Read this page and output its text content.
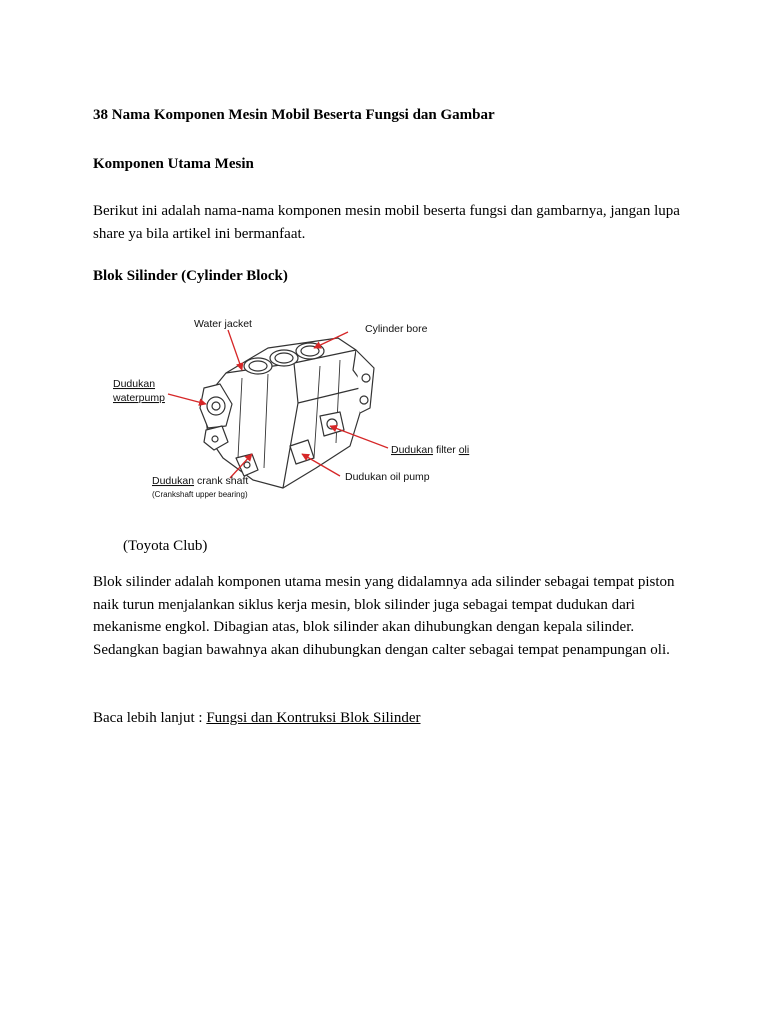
38 Nama Komponen Mesin Mobil Beserta Fungsi dan Gambar

Komponen Utama Mesin

Berikut ini adalah nama-nama komponen mesin mobil beserta fungsi dan gambarnya, jangan lupa share ya bila artikel ini bermanfaat.

Blok Silinder (Cylinder Block)

Water jacket	Cylinder bore
Dudukan
waterpump
Dudukan filter oli
Dudukan oil pump
Dudukan crank shaft
(Crankshaft upper bearing)
(Toyota Club)

Blok silinder adalah komponen utama mesin yang didalamnya ada silinder sebagai tempat piston naik turun menjalankan siklus kerja mesin, blok silinder juga sebagai tempat dudukan dari mekanisme engkol. Dibagian atas, blok silinder akan dihubungkan dengan kepala silinder. Sedangkan bagian bawahnya akan dihubungkan dengan calter sebagai tempat penampungan oli.

Baca lebih lanjut : Fungsi dan Kontruksi Blok Silinder
